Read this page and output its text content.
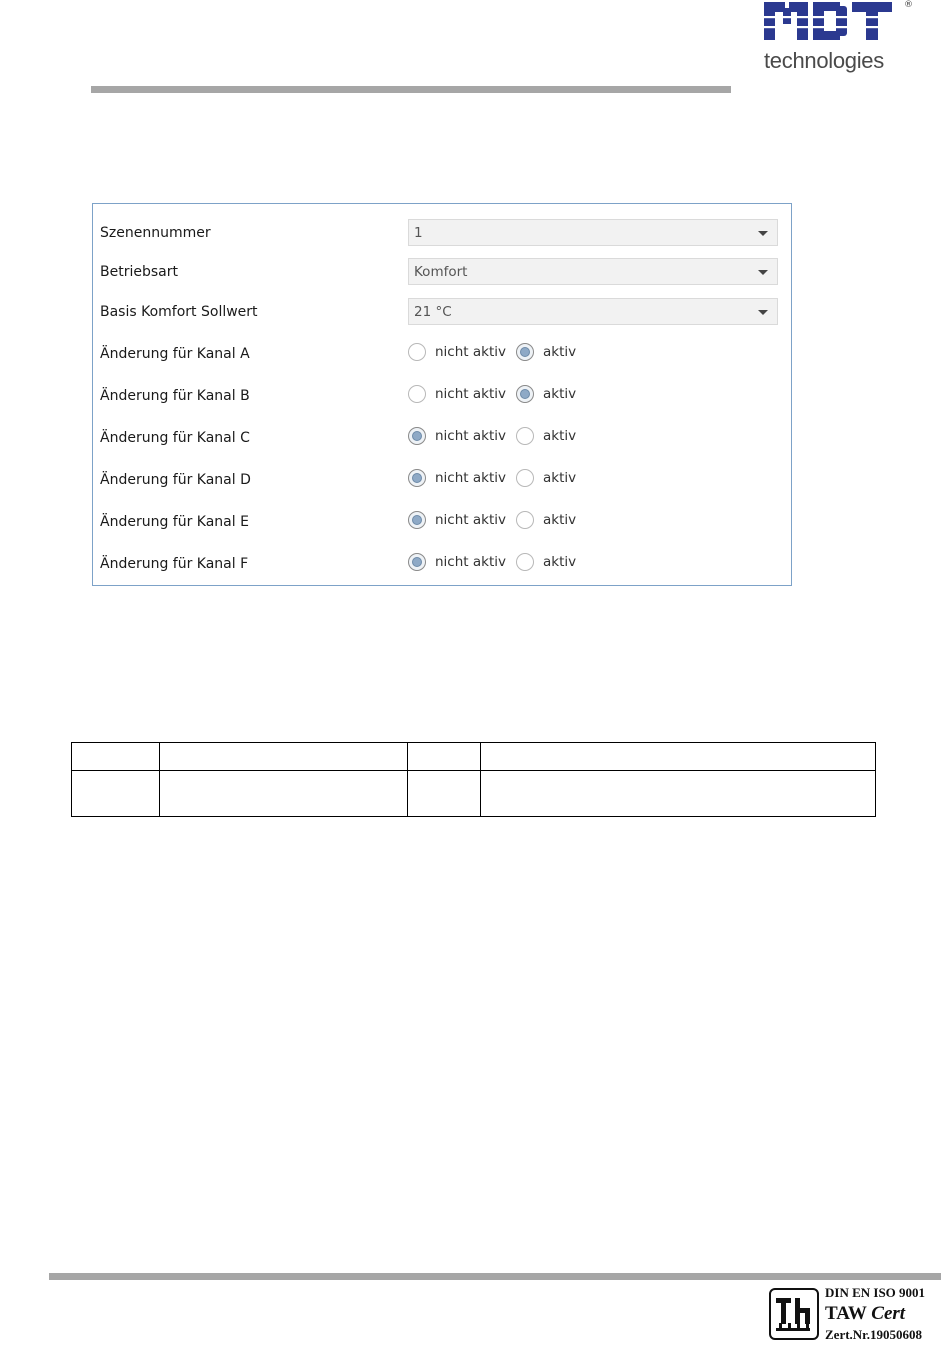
®
technologies
Szenennummer	1
Betriebsart	Komfort
Basis Komfort Sollwert	21 °C
Änderung für Kanal A	nicht aktiv	aktiv
Änderung für Kanal B	nicht aktiv	aktiv
Änderung für Kanal C	nicht aktiv	aktiv
Änderung für Kanal D	nicht aktiv	aktiv
Änderung für Kanal E	nicht aktiv	aktiv
Änderung für Kanal F	nicht aktiv	aktiv

DIN EN ISO 9001
TAW Cert
Zert.Nr.19050608
